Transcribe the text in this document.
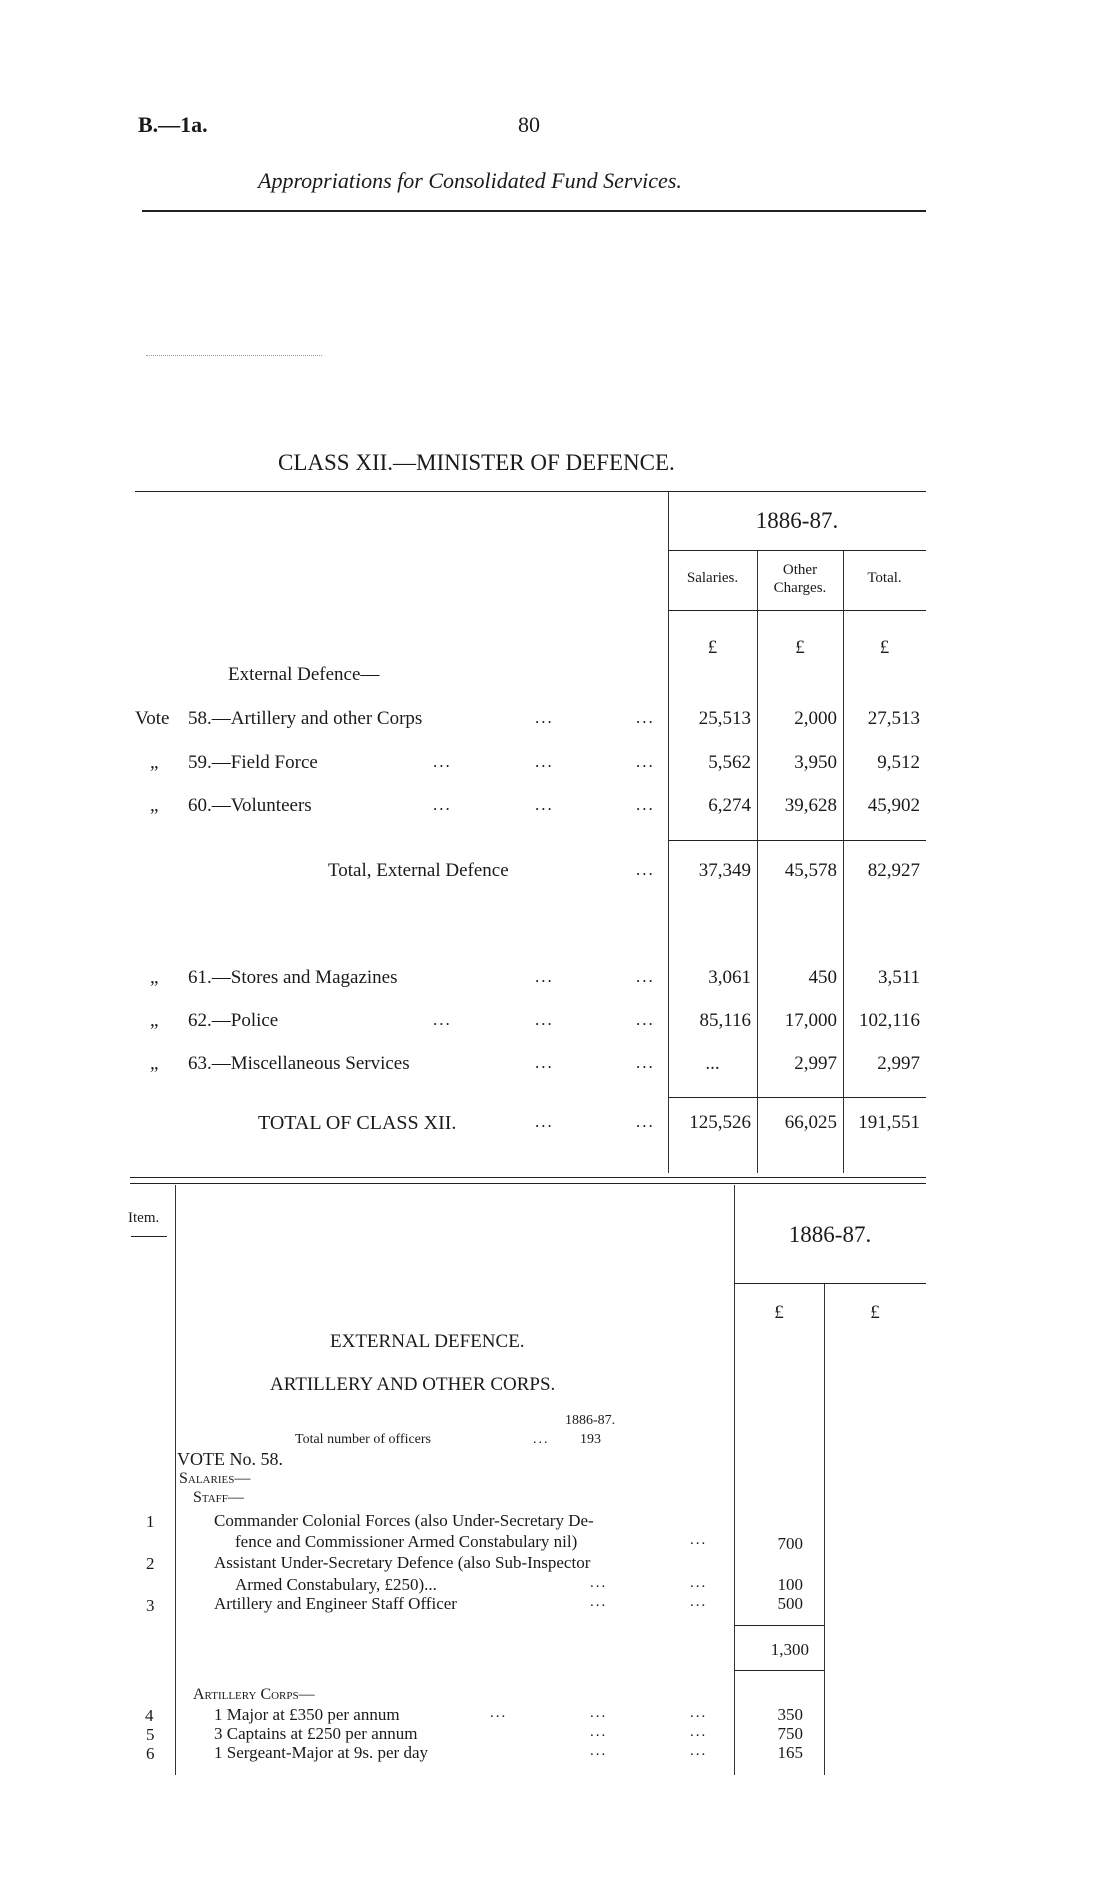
B.—1a.	80
Appropriations for Consolidated Fund Services.
CLASS XII.—MINISTER OF DEFENCE.
1886-87.
Salaries.	Other
Charges.
Total.
£	£	£
External Defence—
Vote 58.—Artillery and other Corps	...	...	25,513	2,000	27,513
„ 59.—Field Force	...	...	...	5,562	3,950	9,512
„ 60.—Volunteers	...	...	...	6,274	39,628	45,902
Total, External Defence	...	37,349	45,578	82,927
„ 61.—Stores and Magazines	...	...	3,061	450	3,511
„ 62.—Police	...	...	...	85,116	17,000	102,116
„ 63.—Miscellaneous Services	...	...	...	2,997	2,997
TOTAL OF CLASS XII.	...	...	125,526	66,025	191,551
Item.
1886-87.
£	£
EXTERNAL DEFENCE.
ARTILLERY AND OTHER CORPS.
1886-87.
Total number of officers	... 193
VOTE No. 58.
Salaries—
Staff—
1	Commander Colonial Forces (also Under-Secretary De-
fence and Commissioner Armed Constabulary nil)	...	700
2	Assistant Under-Secretary Defence (also Sub-Inspector
Armed Constabulary, £250)...	...	...	100
3	Artillery and Engineer Staff Officer	...	...	500
1,300
Artillery Corps—
4	1 Major at £350 per annum	...	...	...	350
5	3 Captains at £250 per annum	...	...	750
6	1 Sergeant-Major at 9s. per day	...	...	165
